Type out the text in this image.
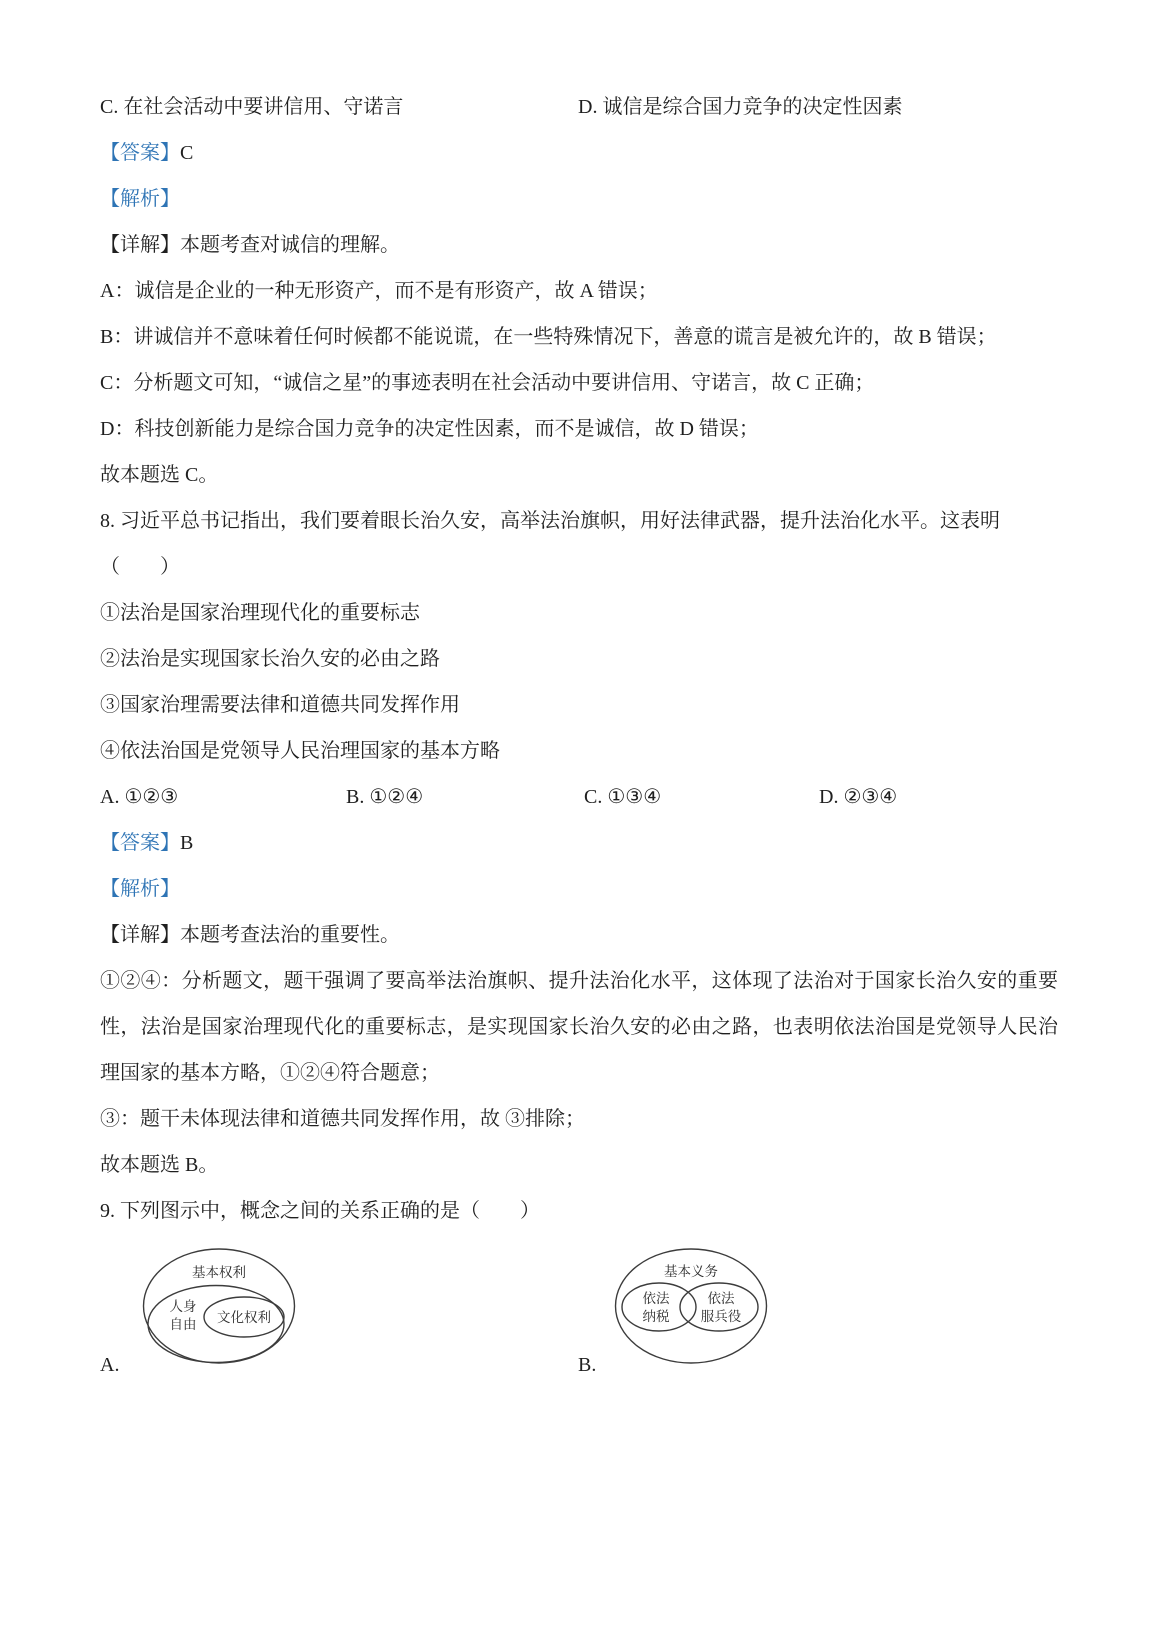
C. 在社会活动中要讲信用、守诺言	D. 诚信是综合国力竞争的决定性因素

【答案】C

【解析】

【详解】本题考查对诚信的理解。

A：诚信是企业的一种无形资产，而不是有形资产，故 A 错误；

B：讲诚信并不意味着任何时候都不能说谎，在一些特殊情况下，善意的谎言是被允许的，故 B 错误；

C：分析题文可知，“诚信之星”的事迹表明在社会活动中要讲信用、守诺言，故 C 正确；

D：科技创新能力是综合国力竞争的决定性因素，而不是诚信，故 D 错误；

故本题选 C。

8. 习近平总书记指出，我们要着眼长治久安，高举法治旗帜，用好法律武器，提升法治化水平。这表明

（　　）

①法治是国家治理现代化的重要标志

②法治是实现国家长治久安的必由之路

③国家治理需要法律和道德共同发挥作用

④依法治国是党领导人民治理国家的基本方略

A. ①②③	B. ①②④	C. ①③④	D. ②③④

【答案】B

【解析】

【详解】本题考查法治的重要性。

①②④：分析题文，题干强调了要高举法治旗帜、提升法治化水平，这体现了法治对于国家长治久安的重要性，法治是国家治理现代化的重要标志，是实现国家长治久安的必由之路，也表明依法治国是党领导人民治理国家的基本方略，①②④符合题意；

③：题干未体现法律和道德共同发挥作用，故 ③排除；

故本题选 B。

9. 下列图示中，概念之间的关系正确的是（　　）

基本权利
人身
自由 文化权利
基本义务
依法
纳税
依法
服兵役
A.	B.
